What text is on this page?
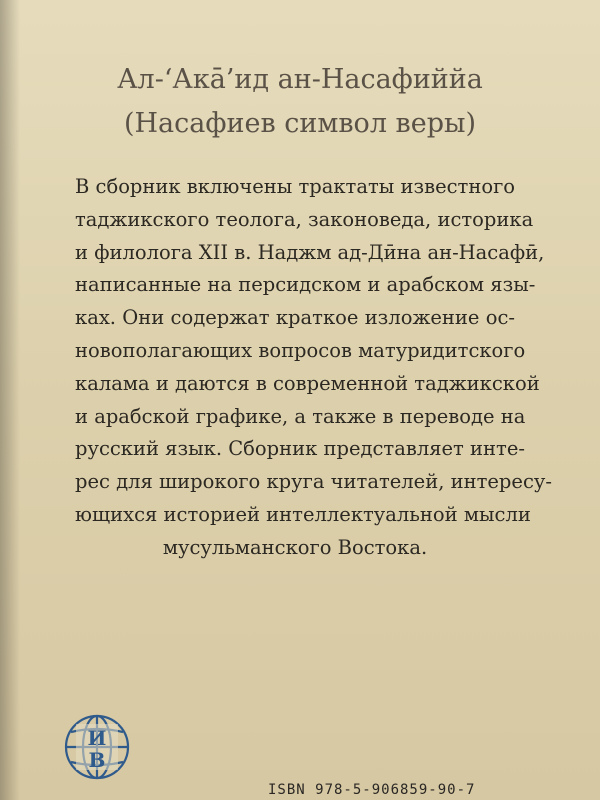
Ал-‘Ака̄’ид ан-Насафиййа
(Насафиев символ веры)
В сборник включены трактаты известного
таджикского теолога, законоведа, историка
и филолога XII в. Наджм ад-Дӣна ан-Насафӣ,
написанные на персидском и арабском язы-
ках. Они содержат краткое изложение ос-
новополагающих вопросов матуридитского
калама и даются в современной таджикской
и арабской графике, а также в переводе на
русский язык. Сборник представляет инте-
рес для широкого круга читателей, интересу-
ющихся историей интеллектуальной мысли
мусульманского Востока.
И
В
ISBN 978-5-906859-90-7
